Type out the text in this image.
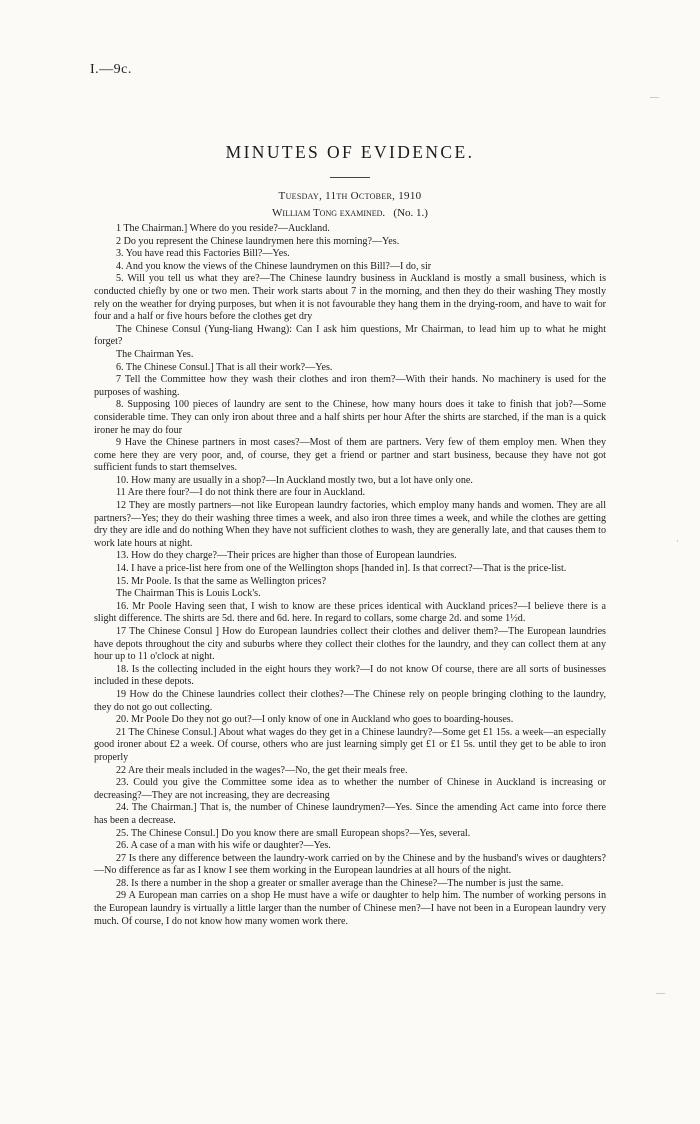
I.—9c.
MINUTES OF EVIDENCE.
Tuesday, 11th October, 1910
William Tong examined. (No. 1.)

1 The Chairman.] Where do you reside?—Auckland.

2 Do you represent the Chinese laundrymen here this morning?—Yes.

3. You have read this Factories Bill?—Yes.

4. And you know the views of the Chinese laundrymen on this Bill?—I do, sir

5. Will you tell us what they are?—The Chinese laundry business in Auckland is mostly a small business, which is conducted chiefly by one or two men. Their work starts about 7 in the morning, and then they do their washing They mostly rely on the weather for drying purposes, but when it is not favourable they hang them in the drying-room, and have to wait for four and a half or five hours before the clothes get dry

The Chinese Consul (Yung-liang Hwang): Can I ask him questions, Mr Chairman, to lead him up to what he might forget?

The Chairman Yes.

6. The Chinese Consul.] That is all their work?—Yes.

7 Tell the Committee how they wash their clothes and iron them?—With their hands. No machinery is used for the purposes of washing.

8. Supposing 100 pieces of laundry are sent to the Chinese, how many hours does it take to finish that job?—Some considerable time. They can only iron about three and a half shirts per hour After the shirts are starched, if the man is a quick ironer he may do four

9 Have the Chinese partners in most cases?—Most of them are partners. Very few of them employ men. When they come here they are very poor, and, of course, they get a friend or partner and start business, because they have not got sufficient funds to start themselves.

10. How many are usually in a shop?—In Auckland mostly two, but a lot have only one.

11 Are there four?—I do not think there are four in Auckland.

12 They are mostly partners—not like European laundry factories, which employ many hands and women. They are all partners?—Yes; they do their washing three times a week, and also iron three times a week, and while the clothes are getting dry they are idle and do nothing When they have not sufficient clothes to wash, they are generally late, and that causes them to work late hours at night.

13. How do they charge?—Their prices are higher than those of European laundries.

14. I have a price-list here from one of the Wellington shops [handed in]. Is that correct?—That is the price-list.

15. Mr Poole. Is that the same as Wellington prices?

The Chairman This is Louis Lock's.

16. Mr Poole Having seen that, I wish to know are these prices identical with Auckland prices?—I believe there is a slight difference. The shirts are 5d. there and 6d. here. In regard to collars, some charge 2d. and some 1½d.

17 The Chinese Consul ] How do European laundries collect their clothes and deliver them?—The European laundries have depots throughout the city and suburbs where they collect their clothes for the laundry, and they can collect them at any hour up to 11 o'clock at night.

18. Is the collecting included in the eight hours they work?—I do not know Of course, there are all sorts of businesses included in these depots.

19 How do the Chinese laundries collect their clothes?—The Chinese rely on people bringing clothing to the laundry, they do not go out collecting.

20. Mr Poole Do they not go out?—I only know of one in Auckland who goes to boarding-houses.

21 The Chinese Consul.] About what wages do they get in a Chinese laundry?—Some get £1 15s. a week—an especially good ironer about £2 a week. Of course, others who are just learning simply get £1 or £1 5s. until they get to be able to iron properly

22 Are their meals included in the wages?—No, the get their meals free.

23. Could you give the Committee some idea as to whether the number of Chinese in Auckland is increasing or decreasing?—They are not increasing, they are decreasing

24. The Chairman.] That is, the number of Chinese laundrymen?—Yes. Since the amending Act came into force there has been a decrease.

25. The Chinese Consul.] Do you know there are small European shops?—Yes, several.

26. A case of a man with his wife or daughter?—Yes.

27 Is there any difference between the laundry-work carried on by the Chinese and by the husband's wives or daughters?—No difference as far as I know I see them working in the European laundries at all hours of the night.

28. Is there a number in the shop a greater or smaller average than the Chinese?—The number is just the same.

29 A European man carries on a shop He must have a wife or daughter to help him. The number of working persons in the European laundry is virtually a little larger than the number of Chinese men?—I have not been in a European laundry very much. Of course, I do not know how many women work there.

—
·
—
